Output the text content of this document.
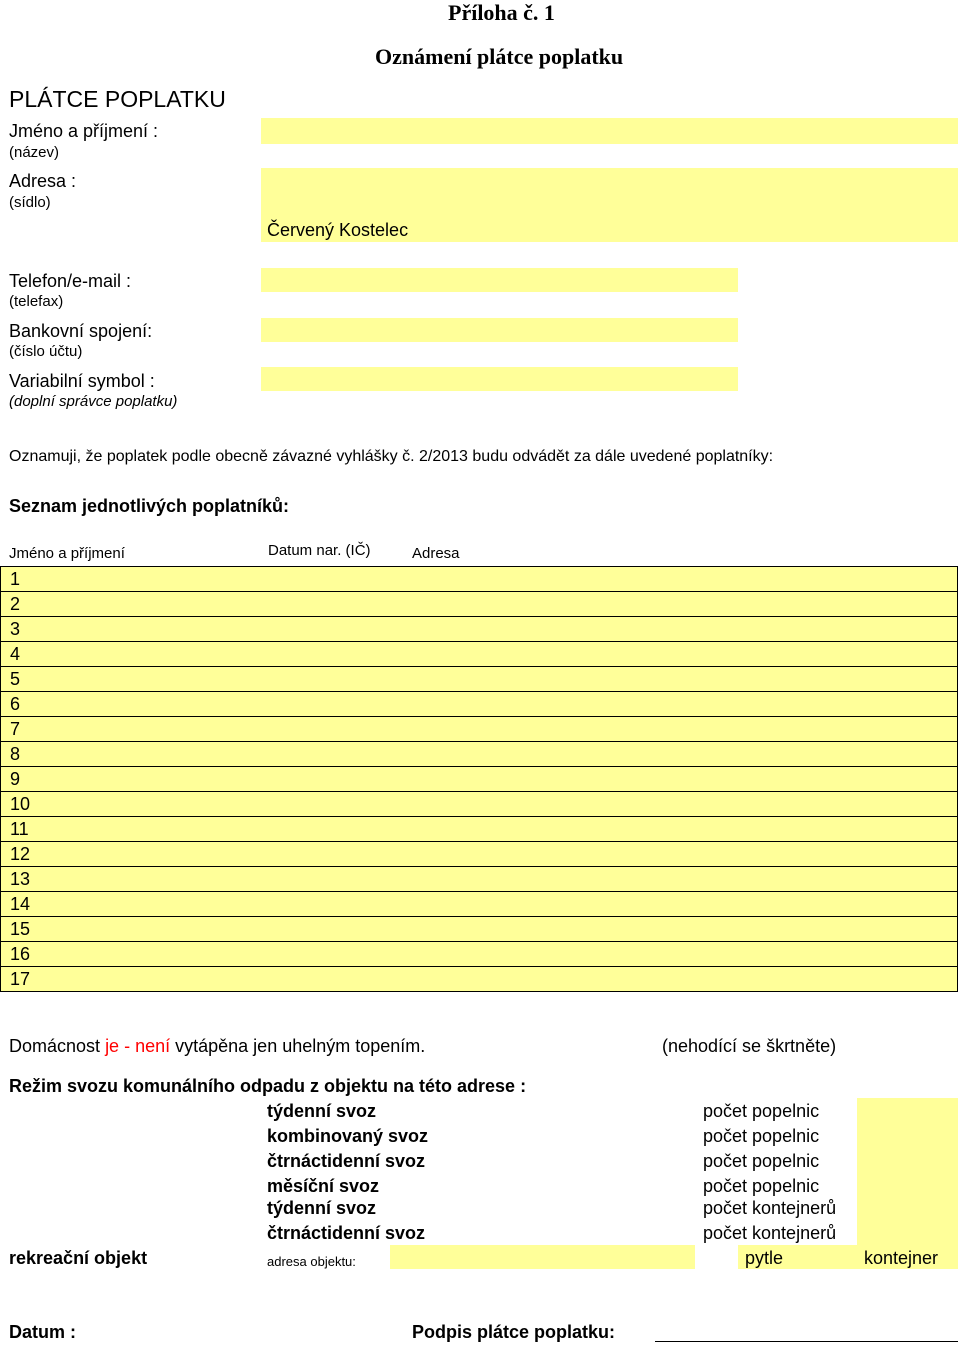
Příloha č. 1
Oznámení plátce poplatku
PLÁTCE POPLATKU
Jméno a příjmení :
(název)
Adresa :
(sídlo)
Červený Kostelec
Telefon/e-mail :
(telefax)
Bankovní spojení:
(číslo účtu)
Variabilní symbol :
(doplní správce poplatku)
Oznamuji, že poplatek podle obecně závazné vyhlášky č. 2/2013 budu odvádět za dále uvedené poplatníky:
Seznam jednotlivých poplatníků:
Jméno a příjmení	Datum nar. (IČ)	Adresa
1
2
3
4
5
6
7
8
9
10
11
12
13
14
15
16
17
Domácnost je - není vytápěna jen uhelným topením.	(nehodící se škrtněte)
Režim svozu komunálního odpadu z objektu na této adrese :
týdenní svoz	počet popelnic
kombinovaný svoz	počet popelnic
čtrnáctidenní svoz	počet popelnic
měsíční svoz	počet popelnic
týdenní svoz	počet kontejnerů
čtrnáctidenní svoz	počet kontejnerů
rekreační objekt	adresa objektu:	pytle	kontejner
Datum :	Podpis plátce poplatku:
